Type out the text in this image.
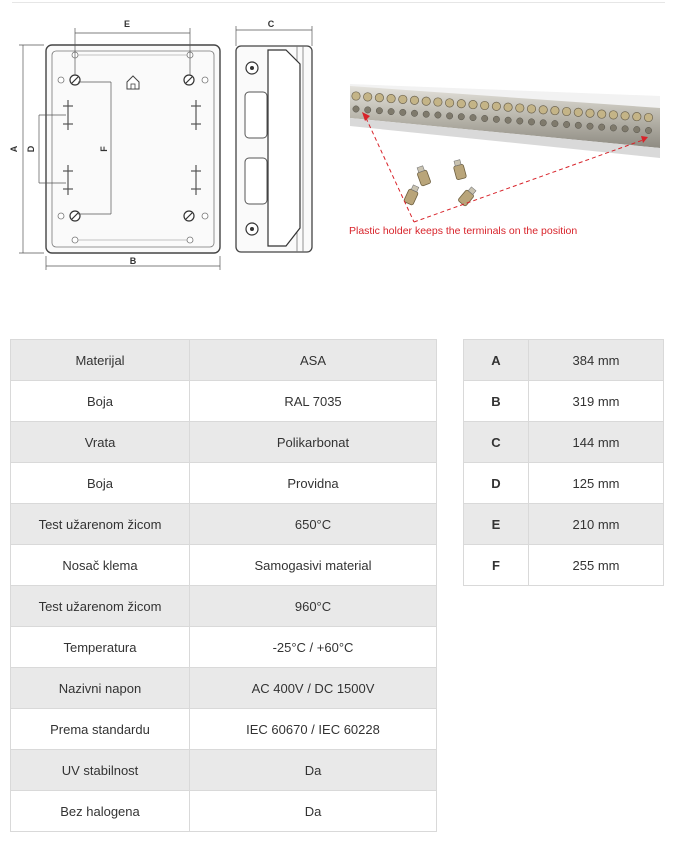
E	C
A D	F
B
Plastic holder keeps the terminals on the position
Materijal	ASA
Boja	RAL 7035
Vrata	Polikarbonat
Boja	Providna
Test užarenom žicom	650°C
Nosač klema	Samogasivi material
Test užarenom žicom	960°C
Temperatura	-25°C / +60°C
Nazivni napon	AC 400V / DC 1500V
Prema standardu	IEC 60670 / IEC 60228
UV stabilnost	Da
Bez halogena	Da
A	384 mm
B	319 mm
C	144 mm
D	125 mm
E	210 mm
F	255 mm
